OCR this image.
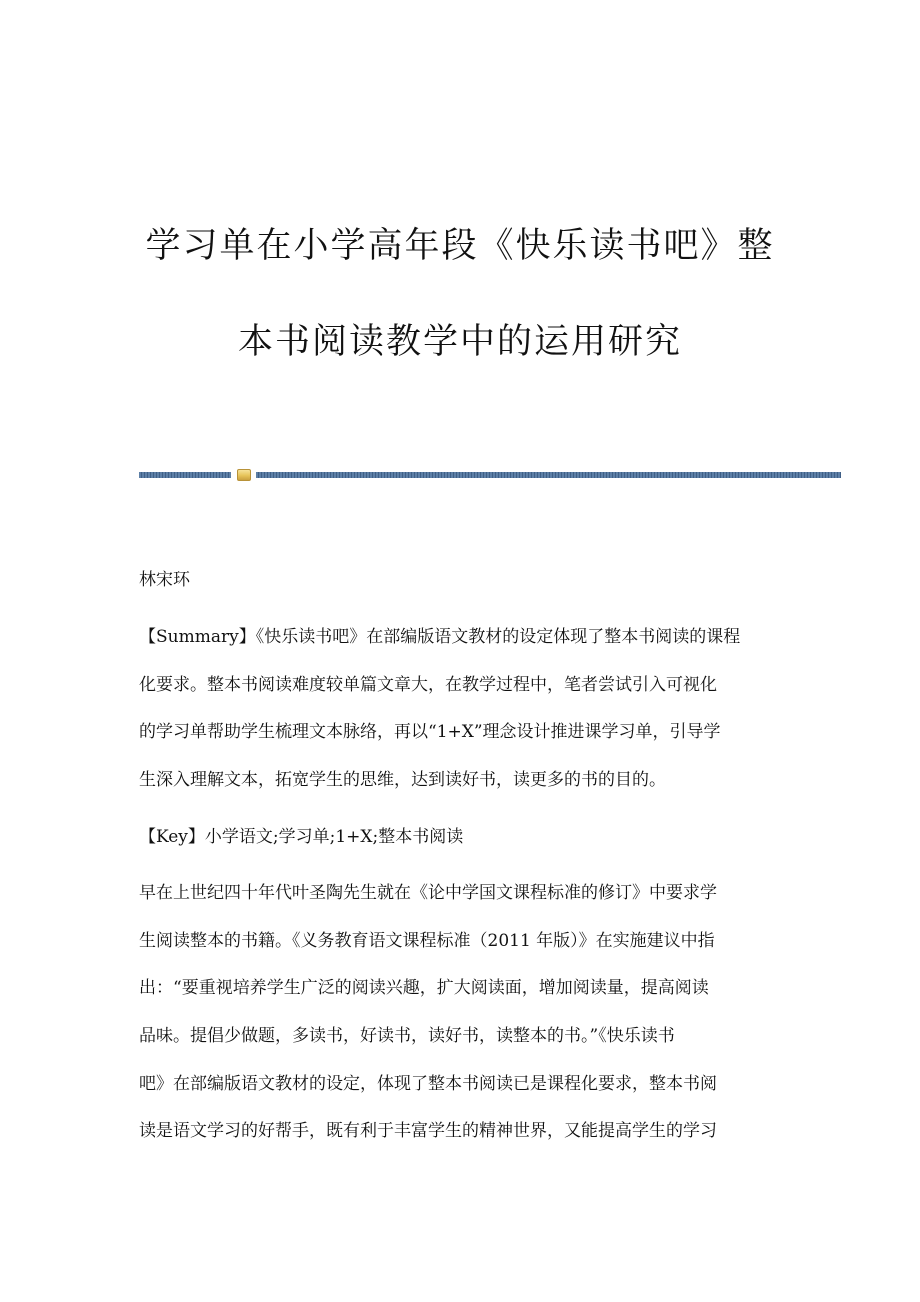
学习单在小学高年段《快乐读书吧》整
本书阅读教学中的运用研究

林宋环

【Summary】《快乐读书吧》在部编版语文教材的设定体现了整本书阅读的课程

化要求。整本书阅读难度较单篇文章大，在教学过程中，笔者尝试引入可视化

的学习单帮助学生梳理文本脉络，再以“1+X”理念设计推进课学习单，引导学

生深入理解文本，拓宽学生的思维，达到读好书，读更多的书的目的。

【Key】小学语文;学习单;1+X;整本书阅读

早在上世纪四十年代叶圣陶先生就在《论中学国文课程标准的修订》中要求学

生阅读整本的书籍。《义务教育语文课程标准（2011 年版）》在实施建议中指

出：“要重视培养学生广泛的阅读兴趣，扩大阅读面，增加阅读量，提高阅读

品味。提倡少做题，多读书，好读书，读好书，读整本的书。”《快乐读书

吧》在部编版语文教材的设定，体现了整本书阅读已是课程化要求，整本书阅

读是语文学习的好帮手，既有利于丰富学生的精神世界，又能提高学生的学习
